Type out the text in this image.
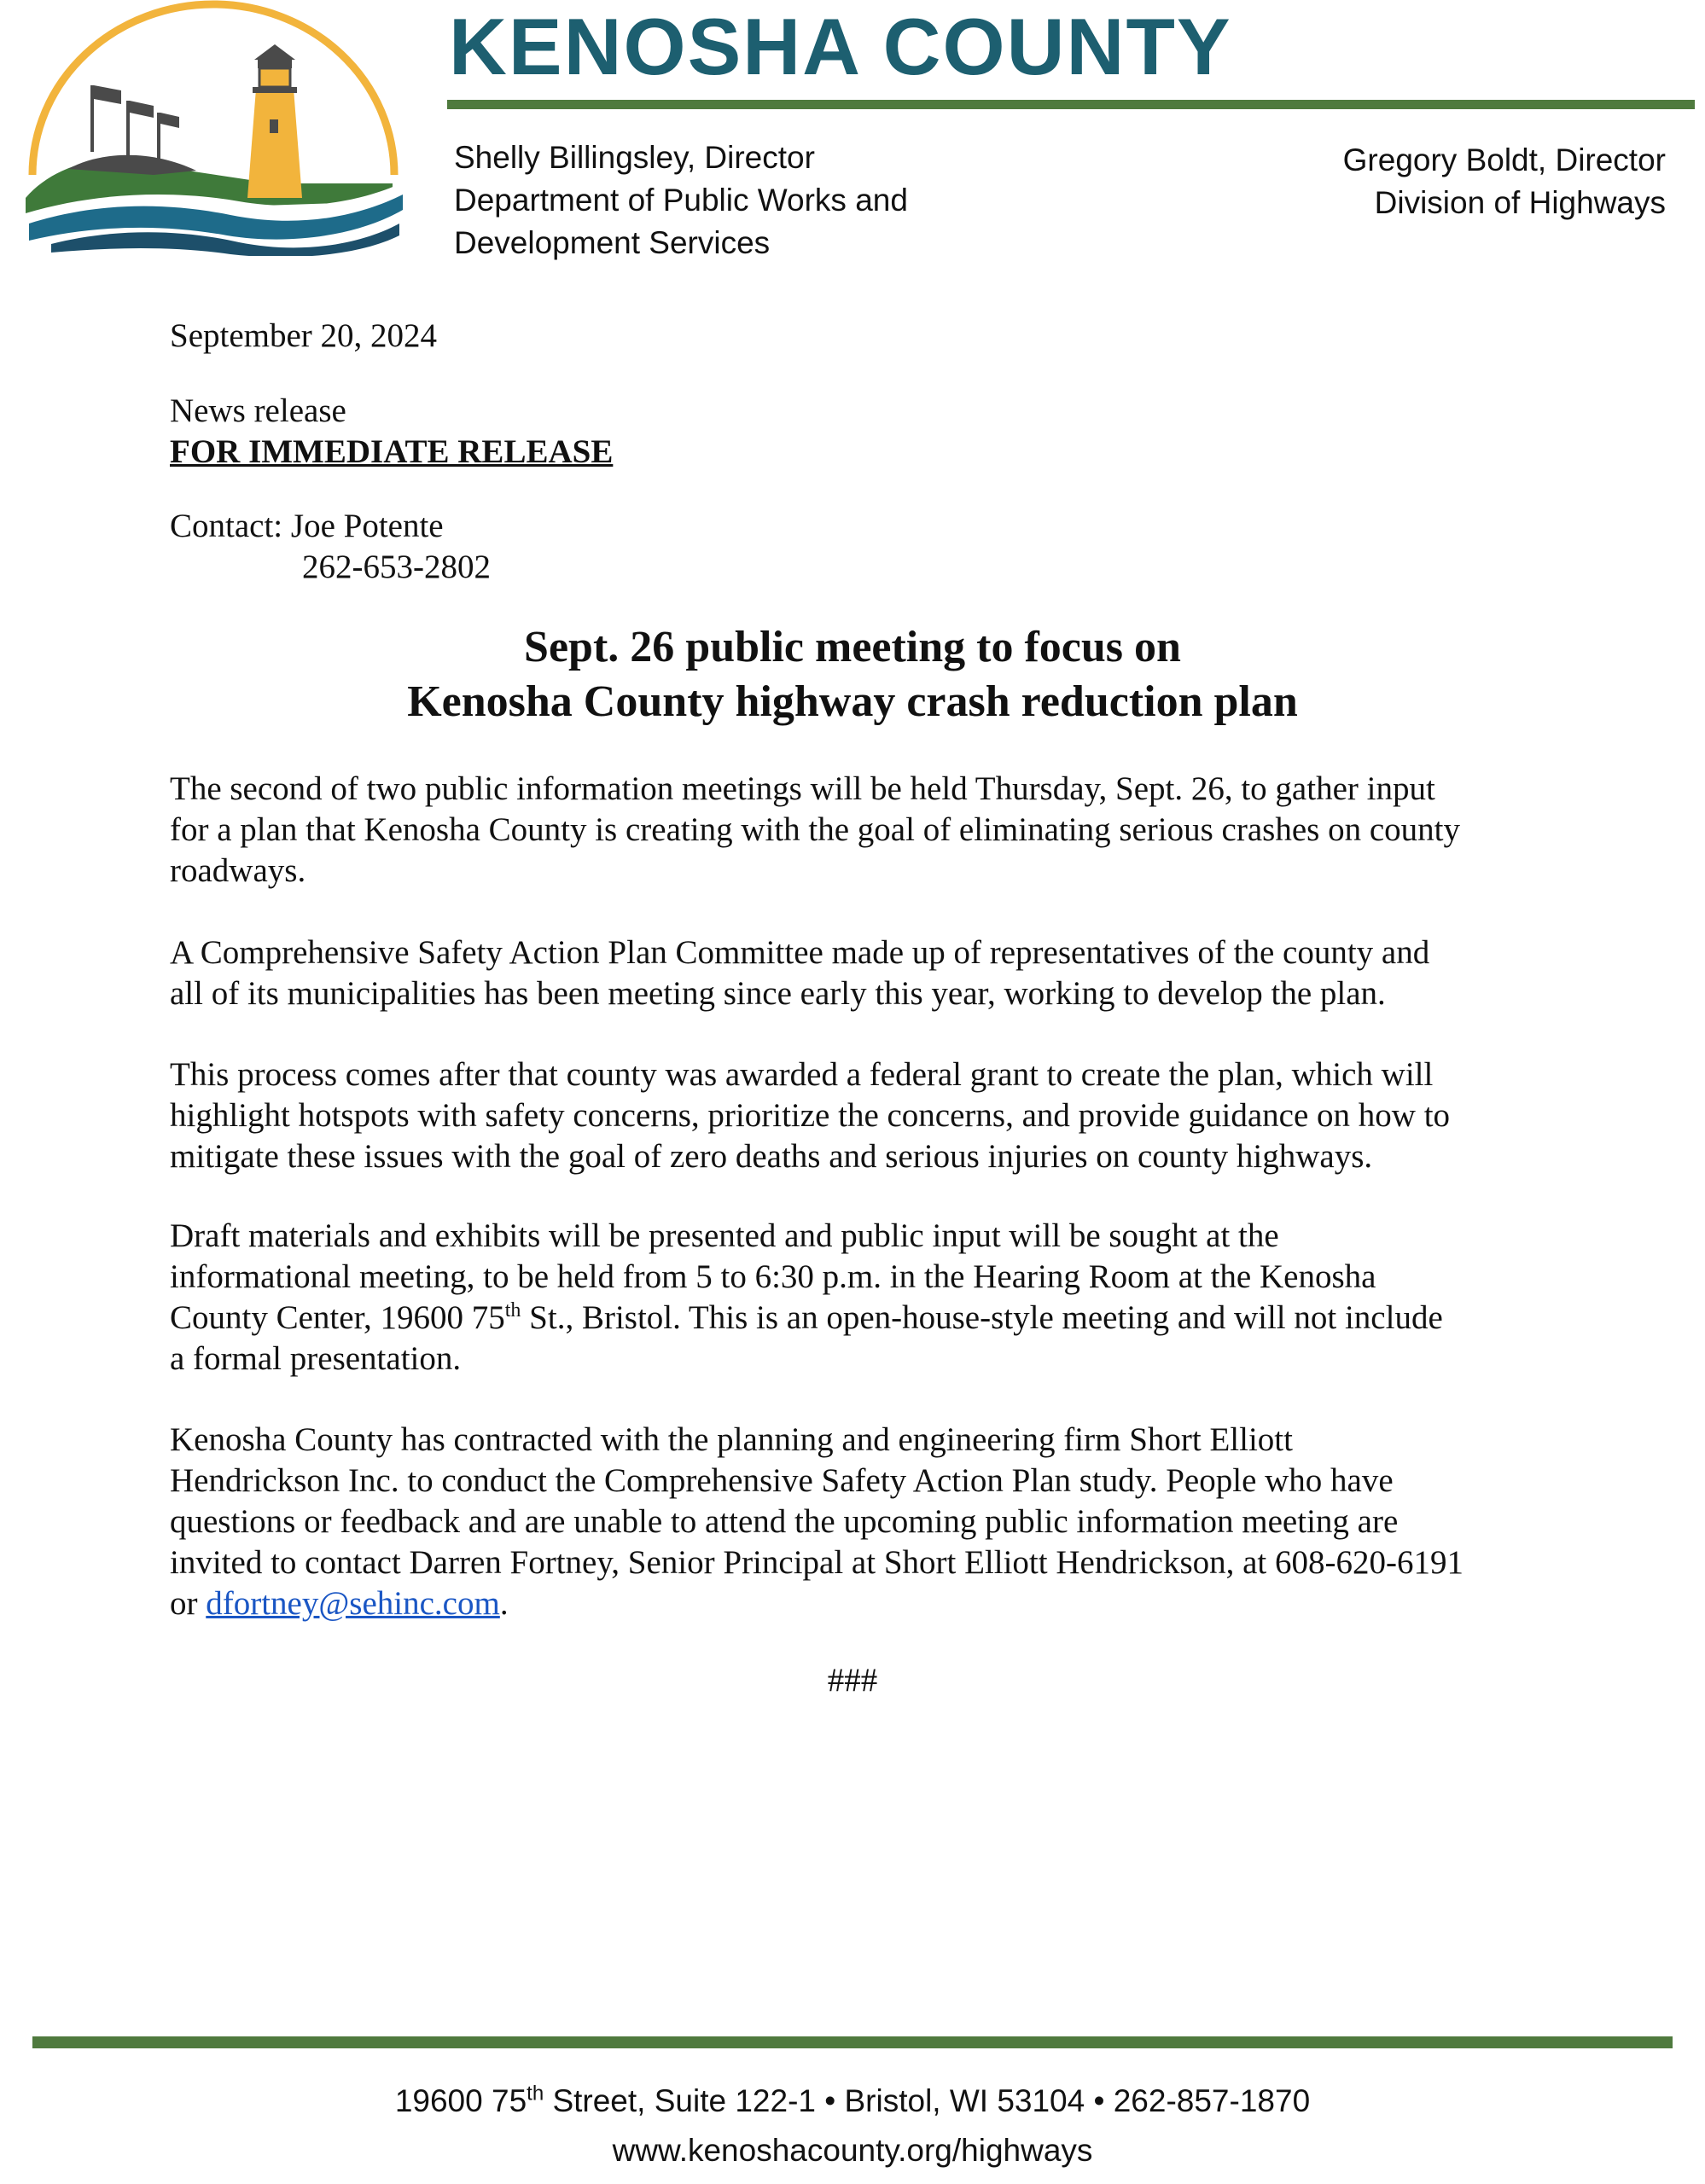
KENOSHA COUNTY
Shelly Billingsley, Director
Department of Public Works and
Development Services
Gregory Boldt, Director
Division of Highways
September 20, 2024
News release
FOR IMMEDIATE RELEASE
Contact: Joe Potente
262-653-2802
Sept. 26 public meeting to focus on
Kenosha County highway crash reduction plan
The second of two public information meetings will be held Thursday, Sept. 26, to gather input
for a plan that Kenosha County is creating with the goal of eliminating serious crashes on county
roadways.
A Comprehensive Safety Action Plan Committee made up of representatives of the county and
all of its municipalities has been meeting since early this year, working to develop the plan.
This process comes after that county was awarded a federal grant to create the plan, which will
highlight hotspots with safety concerns, prioritize the concerns, and provide guidance on how to
mitigate these issues with the goal of zero deaths and serious injuries on county highways.
Draft materials and exhibits will be presented and public input will be sought at the
informational meeting, to be held from 5 to 6:30 p.m. in the Hearing Room at the Kenosha
County Center, 19600 75th St., Bristol. This is an open-house-style meeting and will not include
a formal presentation.
Kenosha County has contracted with the planning and engineering firm Short Elliott
Hendrickson Inc. to conduct the Comprehensive Safety Action Plan study. People who have
questions or feedback and are unable to attend the upcoming public information meeting are
invited to contact Darren Fortney, Senior Principal at Short Elliott Hendrickson, at 608-620-6191
or dfortney@sehinc.com.
###
19600 75th Street, Suite 122-1 • Bristol, WI 53104 • 262-857-1870
www.kenoshacounty.org/highways
